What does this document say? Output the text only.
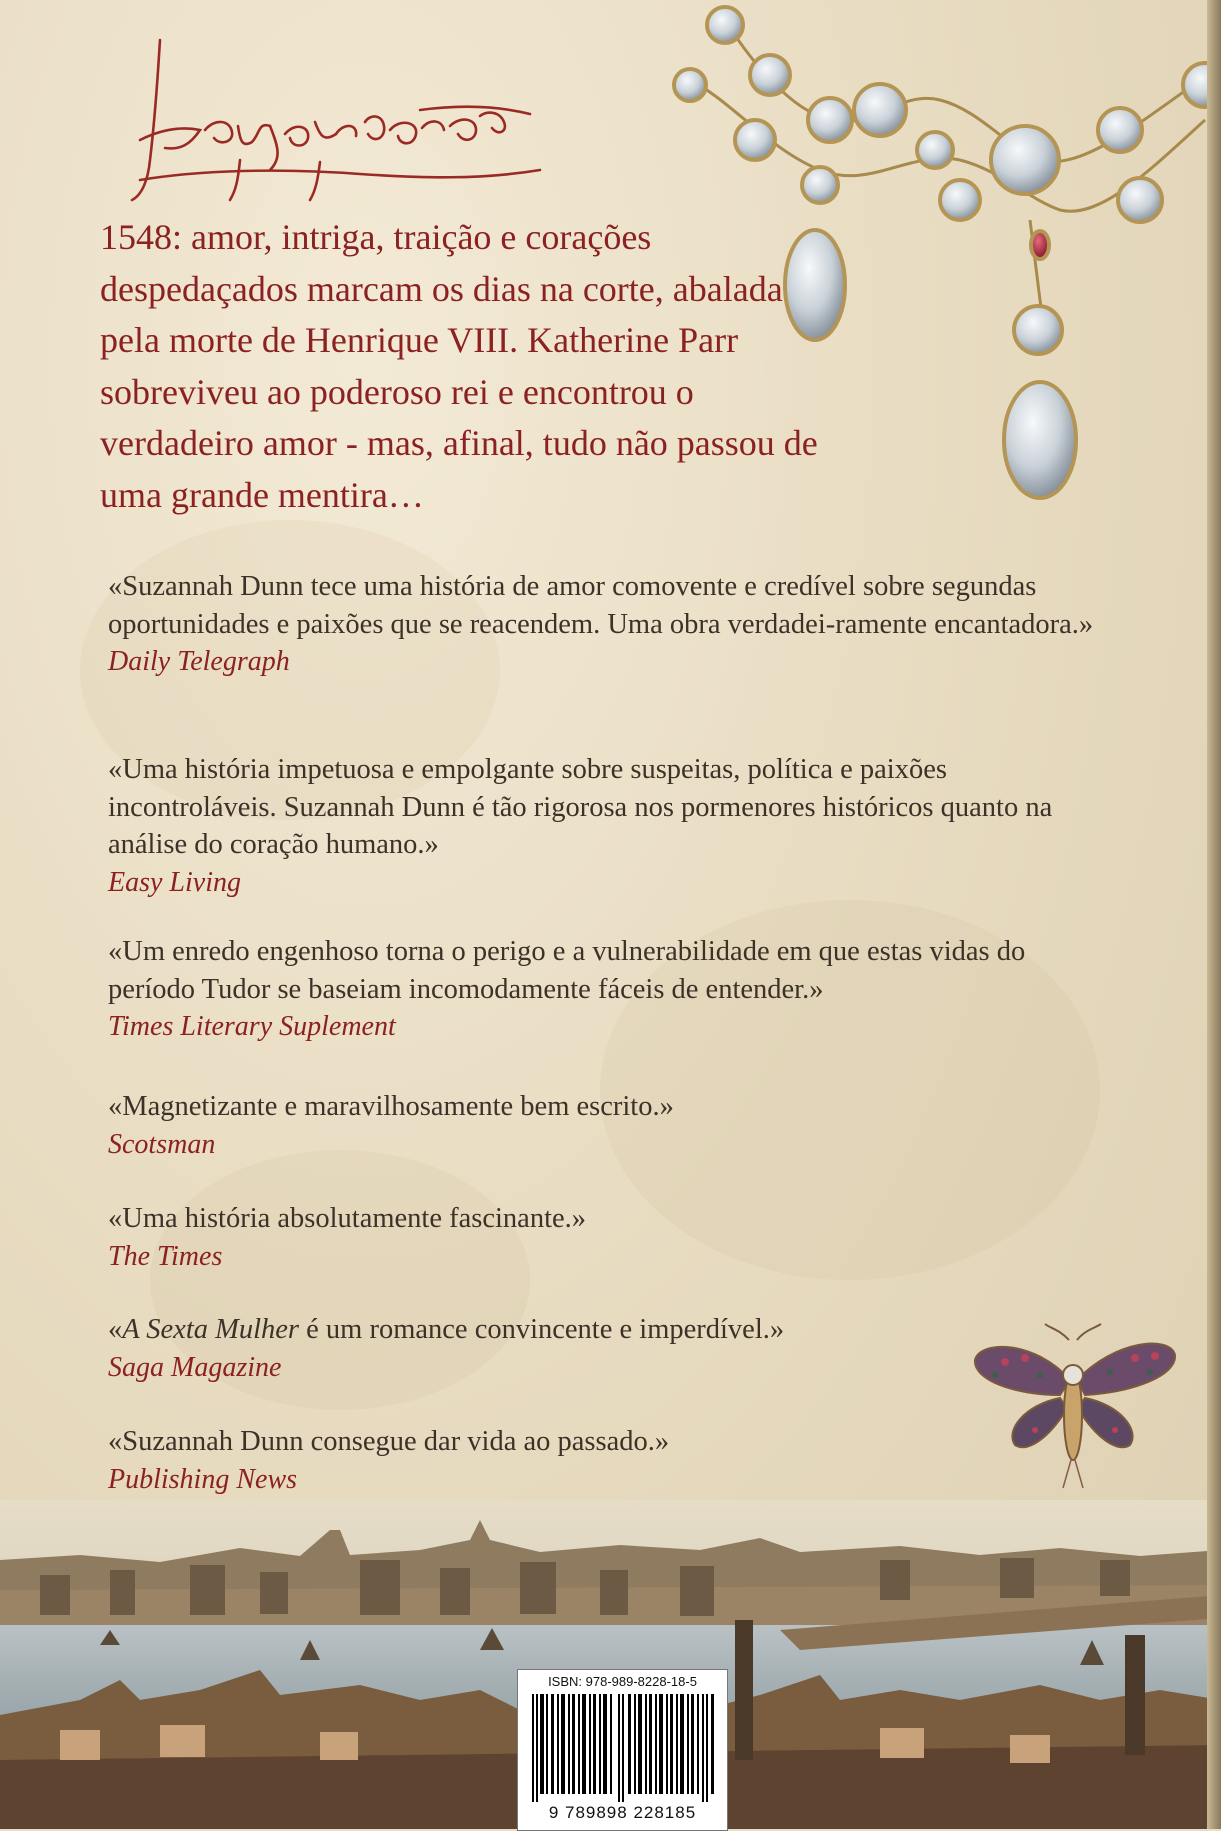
1548: amor, intriga, traição e corações despedaçados marcam os dias na corte, abalada pela morte de Henrique VIII. Katherine Parr sobreviveu ao poderoso rei e encontrou o verdadeiro amor - mas, afinal, tudo não passou de uma grande mentira…

«Suzannah Dunn tece uma história de amor comovente e credível sobre segundas oportunidades e paixões que se reacendem. Uma obra verdadei-ramente encantadora.»
Daily Telegraph
«Uma história impetuosa e empolgante sobre suspeitas, política e paixões incontroláveis. Suzannah Dunn é tão rigorosa nos pormenores históricos quanto na análise do coração humano.»
Easy Living
«Um enredo engenhoso torna o perigo e a vulnerabilidade em que estas vidas do período Tudor se baseiam incomodamente fáceis de entender.»
Times Literary Suplement
«Magnetizante e maravilhosamente bem escrito.»
Scotsman
«Uma história absolutamente fascinante.»
The Times
«A Sexta Mulher é um romance convincente e imperdível.»
Saga Magazine
«Suzannah Dunn consegue dar vida ao passado.»
Publishing News
ISBN: 978-989-8228-18-5
9 789898 228185
